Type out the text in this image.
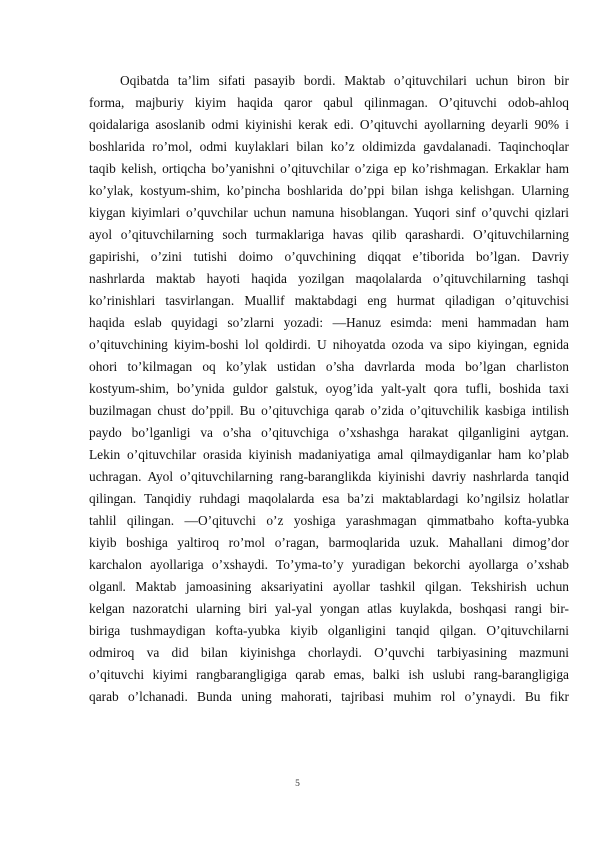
Oqibatda ta’lim sifati pasayib bordi. Maktab o’qituvchilari uchun biron bir
forma, majburiy kiyim haqida qaror qabul qilinmagan. O’qituvchi odob-ahloq
qoidalariga asoslanib odmi kiyinishi kerak edi. O’qituvchi ayollarning deyarli 90% i
boshlarida ro’mol, odmi kuylaklari bilan ko’z oldimizda gavdalanadi. Taqinchoqlar
taqib kelish, ortiqcha bo’yanishni o’qituvchilar o’ziga ep ko’rishmagan. Erkaklar ham
ko’ylak, kostyum-shim, ko’pincha boshlarida do’ppi bilan ishga kelishgan. Ularning
kiygan kiyimlari o’quvchilar uchun namuna hisoblangan. Yuqori sinf o’quvchi qizlari
ayol o’qituvchilarning soch turmaklariga havas qilib qarashardi. O’qituvchilarning
gapirishi, o’zini tutishi doimo o’quvchining diqqat e’tiborida bo’lgan. Davriy
nashrlarda maktab hayoti haqida yozilgan maqolalarda o’qituvchilarning tashqi
ko’rinishlari tasvirlangan. Muallif maktabdagi eng hurmat qiladigan o’qituvchisi
haqida eslab quyidagi so’zlarni yozadi: ―Hanuz esimda: meni hammadan ham
o’qituvchining kiyim-boshi lol qoldirdi. U nihoyatda ozoda va sipo kiyingan, egnida
ohori to’kilmagan oq ko’ylak ustidan o’sha davrlarda moda bo’lgan charliston
kostyum-shim, bo’ynida guldor galstuk, oyog’ida yalt-yalt qora tufli, boshida taxi
buzilmagan chust do’ppi‖. Bu o’qituvchiga qarab o’zida o’qituvchilik kasbiga intilish
paydo bo’lganligi va o’sha o’qituvchiga o’xshashga harakat qilganligini aytgan.
Lekin o’qituvchilar orasida kiyinish madaniyatiga amal qilmaydiganlar ham ko’plab
uchragan. Ayol o’qituvchilarning rang-baranglikda kiyinishi davriy nashrlarda tanqid
qilingan. Tanqidiy ruhdagi maqolalarda esa ba’zi maktablardagi ko’ngilsiz holatlar
tahlil qilingan. ―O’qituvchi o’z yoshiga yarashmagan qimmatbaho kofta-yubka
kiyib boshiga yaltiroq ro’mol o’ragan, barmoqlarida uzuk. Mahallani dimog’dor
karchalon ayollariga o’xshaydi. To’yma-to’y yuradigan bekorchi ayollarga o’xshab
olgan‖. Maktab jamoasining aksariyatini ayollar tashkil qilgan. Tekshirish uchun
kelgan nazoratchi ularning biri yal-yal yongan atlas kuylakda, boshqasi rangi bir-
biriga tushmaydigan kofta-yubka kiyib olganligini tanqid qilgan. O’qituvchilarni
odmiroq va did bilan kiyinishga chorlaydi. O’quvchi tarbiyasining mazmuni
o’qituvchi kiyimi rangbarangligiga qarab emas, balki ish uslubi rang-barangligiga
qarab o’lchanadi. Bunda uning mahorati, tajribasi muhim rol o’ynaydi. Bu fikr
5
